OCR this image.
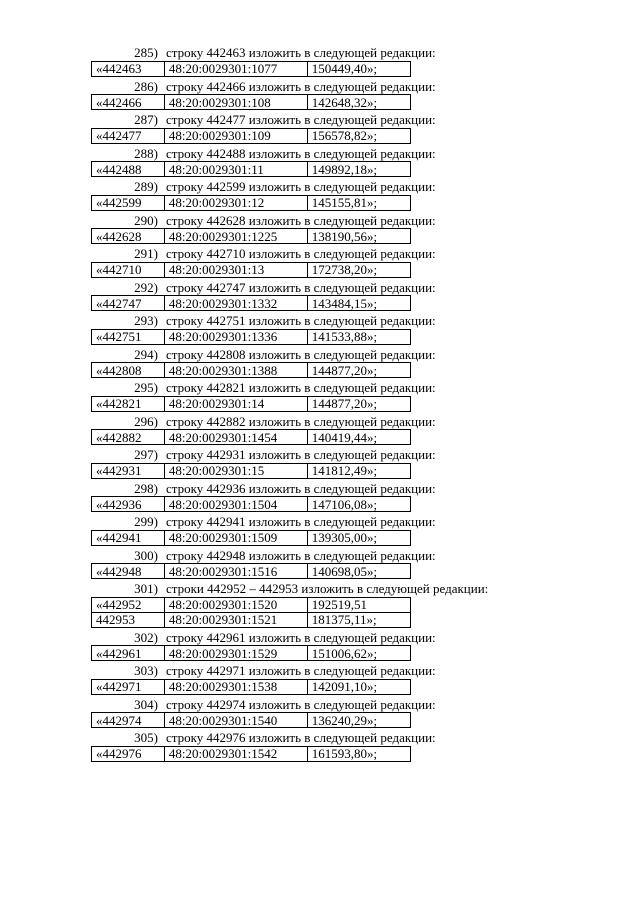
285) строку 442463 изложить в следующей редакции:
«442463	48:20:0029301:1077	150449,40»;
286) строку 442466 изложить в следующей редакции:
«442466	48:20:0029301:108	142648,32»;
287) строку 442477 изложить в следующей редакции:
«442477	48:20:0029301:109	156578,82»;
288) строку 442488 изложить в следующей редакции:
«442488	48:20:0029301:11	149892,18»;
289) строку 442599 изложить в следующей редакции:
«442599	48:20:0029301:12	145155,81»;
290) строку 442628 изложить в следующей редакции:
«442628	48:20:0029301:1225	138190,56»;
291) строку 442710 изложить в следующей редакции:
«442710	48:20:0029301:13	172738,20»;
292) строку 442747 изложить в следующей редакции:
«442747	48:20:0029301:1332	143484,15»;
293) строку 442751 изложить в следующей редакции:
«442751	48:20:0029301:1336	141533,88»;
294) строку 442808 изложить в следующей редакции:
«442808	48:20:0029301:1388	144877,20»;
295) строку 442821 изложить в следующей редакции:
«442821	48:20:0029301:14	144877,20»;
296) строку 442882 изложить в следующей редакции:
«442882	48:20:0029301:1454	140419,44»;
297) строку 442931 изложить в следующей редакции:
«442931	48:20:0029301:15	141812,49»;
298) строку 442936 изложить в следующей редакции:
«442936	48:20:0029301:1504	147106,08»;
299) строку 442941 изложить в следующей редакции:
«442941	48:20:0029301:1509	139305,00»;
300) строку 442948 изложить в следующей редакции:
«442948	48:20:0029301:1516	140698,05»;
301) строки 442952 – 442953 изложить в следующей редакции:
«442952	48:20:0029301:1520	192519,51
442953	48:20:0029301:1521	181375,11»;
302) строку 442961 изложить в следующей редакции:
«442961	48:20:0029301:1529	151006,62»;
303) строку 442971 изложить в следующей редакции:
«442971	48:20:0029301:1538	142091,10»;
304) строку 442974 изложить в следующей редакции:
«442974	48:20:0029301:1540	136240,29»;
305) строку 442976 изложить в следующей редакции:
«442976	48:20:0029301:1542	161593,80»;
